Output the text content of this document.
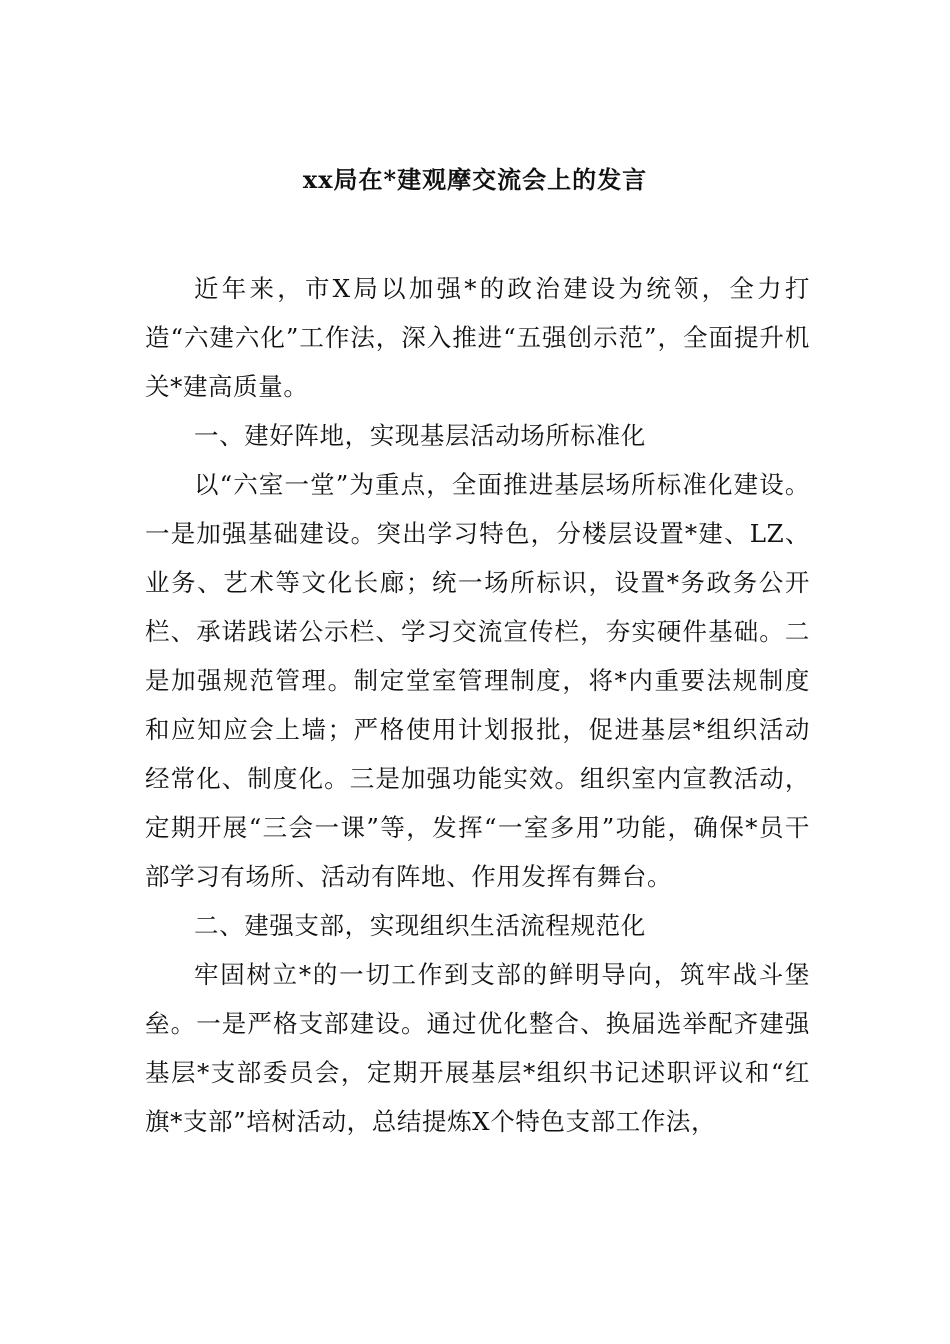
xx局在*建观摩交流会上的发言

近年来，市X局以加强*的政治建设为统领，全力打造“六建六化”工作法，深入推进“五强创示范”，全面提升机关*建高质量。

一、建好阵地，实现基层活动场所标准化

以“六室一堂”为重点，全面推进基层场所标准化建设。一是加强基础建设。突出学习特色，分楼层设置*建、LZ、业务、艺术等文化长廊；统一场所标识，设置*务政务公开栏、承诺践诺公示栏、学习交流宣传栏，夯实硬件基础。二是加强规范管理。制定堂室管理制度，将*内重要法规制度和应知应会上墙；严格使用计划报批，促进基层*组织活动经常化、制度化。三是加强功能实效。组织室内宣教活动，定期开展“三会一课”等，发挥“一室多用”功能，确保*员干部学习有场所、活动有阵地、作用发挥有舞台。

二、建强支部，实现组织生活流程规范化

牢固树立*的一切工作到支部的鲜明导向，筑牢战斗堡垒。一是严格支部建设。通过优化整合、换届选举配齐建强基层*支部委员会，定期开展基层*组织书记述职评议和“红旗*支部”培树活动，总结提炼X个特色支部工作法，
